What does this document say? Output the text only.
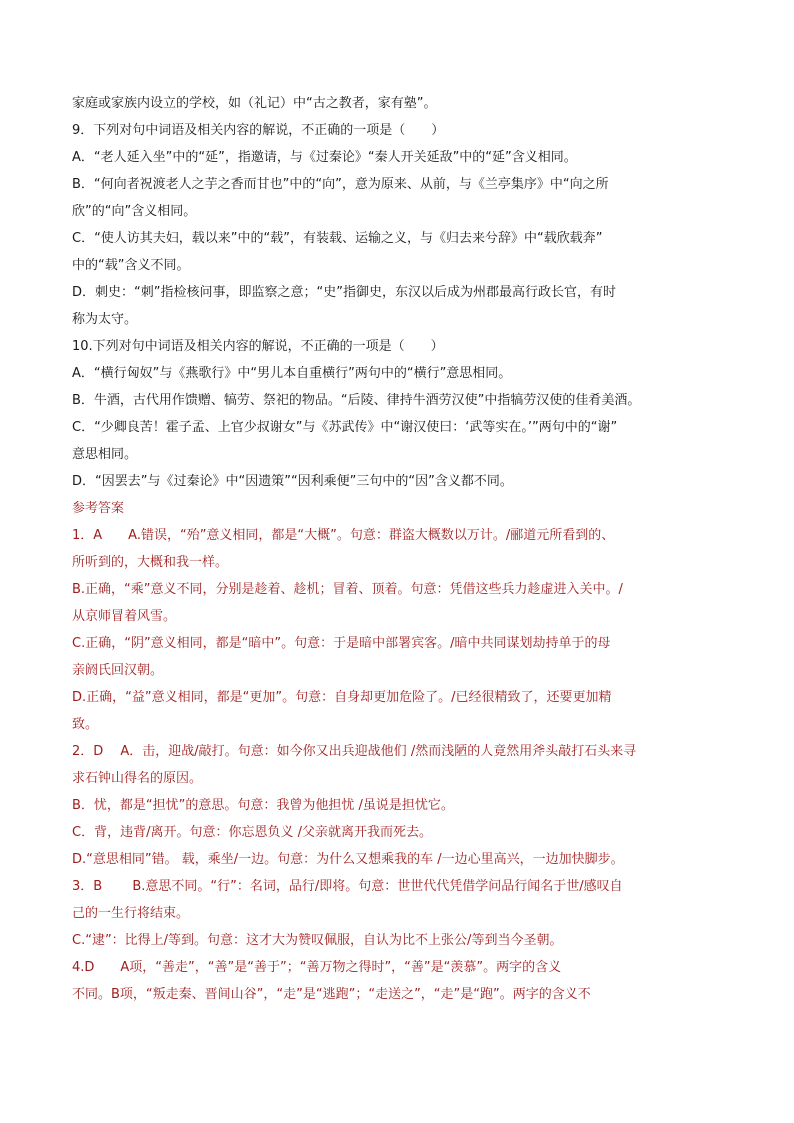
家庭或家族内设立的学校，如（礼记）中“古之教者，家有塾”。
9．下列对句中词语及相关内容的解说，不正确的一项是（　　）
A．“老人延入坐”中的“延”，指邀请，与《过秦论》“秦人开关延敌”中的“延”含义相同。
B．“何向者祝渡老人之芋之香而甘也”中的“向”，意为原来、从前，与《兰亭集序》中“向之所
欣”的“向”含义相同。
C．“使人访其夫妇，载以来”中的“载”，有装载、运输之义，与《归去来兮辞》中“载欣载奔”
中的“载”含义不同。
D．刺史：“刺”指检核问事，即监察之意；“史”指御史，东汉以后成为州郡最高行政长官，有时
称为太守。
10.下列对句中词语及相关内容的解说，不正确的一项是（　　）
A．“横行匈奴”与《燕歌行》中“男儿本自重横行”两句中的“横行”意思相同。
B．牛酒，古代用作馈赠、犒劳、祭祀的物品。“后陵、律持牛酒劳汉使”中指犒劳汉使的佳肴美酒。
C．“少卿良苦！霍子孟、上官少叔谢女”与《苏武传》中“谢汉使曰：‘武等实在。’”两句中的“谢”
意思相同。
D．“因罢去”与《过秦论》中“因遗策”“因利乘便”三句中的“因”含义都不同。
参考答案
1．A　　A.错误，“殆”意义相同，都是“大概”。句意：群盗大概数以万计。/郦道元所看到的、
所听到的，大概和我一样。
B.正确，“乘”意义不同，分别是趁着、趁机；冒着、顶着。句意：凭借这些兵力趁虚进入关中。/
从京师冒着风雪。
C.正确，“阴”意义相同，都是“暗中”。句意：于是暗中部署宾客。/暗中共同谋划劫持单于的母
亲阏氏回汉朝。
D.正确，“益”意义相同，都是“更加”。句意：自身却更加危险了。/已经很精致了，还要更加精
致。
2．D　 A．击，迎战/敲打。句意：如今你又出兵迎战他们 /然而浅陋的人竟然用斧头敲打石头来寻
求石钟山得名的原因。
B．忧，都是“担忧”的意思。句意：我曾为他担忧 /虽说是担忧它。
C．背，违背/离开。句意：你忘恩负义 /父亲就离开我而死去。
D.“意思相同”错。 载，乘坐/一边。句意：为什么又想乘我的车 /一边心里高兴，一边加快脚步。
3．B　　 B.意思不同。“行”：名词，品行/即将。句意：世世代代凭借学问品行闻名于世/感叹自
己的一生行将结束。
C.“逮”：比得上/等到。句意：这才大为赞叹佩服，自认为比不上张公/等到当今圣朝。
4.D　　A项，“善走”，“善”是“善于”；“善万物之得时”，“善”是“羡慕”。两字的含义
不同。B项，“叛走秦、晋间山谷”，“走”是“逃跑”；“走送之”，“走”是“跑”。两字的含义不
